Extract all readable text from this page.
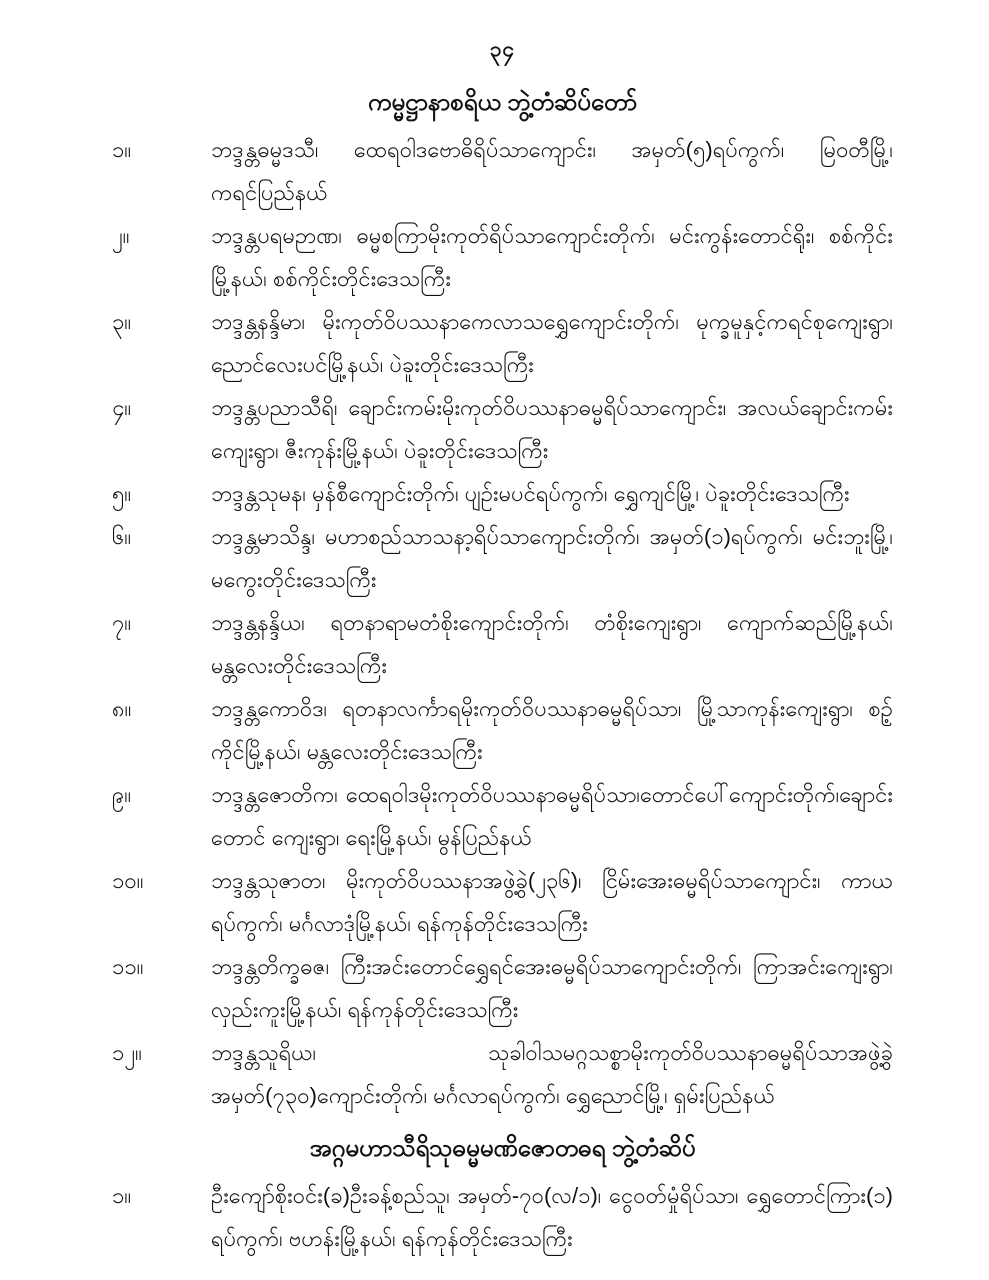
၃၄
ကမ္မဋ္ဌာနာစရိယ ဘွဲ့တံဆိပ်တော်
၁။	ဘဒ္ဒန္တဓမ္မဒသီ၊ ထေရဝါဒဗောဓိရိပ်သာကျောင်း၊ အမှတ်(၅)ရပ်ကွက်၊ မြဝတီမြို့၊ ကရင်ပြည်နယ်
၂။	ဘဒ္ဒန္တပရမဉာဏ၊ ဓမ္မစကြာမိုးကုတ်ရိပ်သာကျောင်းတိုက်၊ မင်းကွန်းတောင်ရိုး၊ စစ်ကိုင်းမြို့နယ်၊ စစ်ကိုင်းတိုင်းဒေသကြီး
၃။	ဘဒ္ဒန္တနန္ဒိမာ၊ မိုးကုတ်ဝိပဿနာကေလာသရွှေကျောင်းတိုက်၊ မုက္ခမူနှင့်ကရင်စုကျေးရွာ၊ ညောင်လေးပင်မြို့နယ်၊ ပဲခူးတိုင်းဒေသကြီး
၄။	ဘဒ္ဒန္တပညာသီရိ၊ ချောင်းကမ်းမိုးကုတ်ဝိပဿနာဓမ္မရိပ်သာကျောင်း၊ အလယ်ချောင်းကမ်းကျေးရွာ၊ ဇီးကုန်းမြို့နယ်၊ ပဲခူးတိုင်းဒေသကြီး
၅။	ဘဒ္ဒန္တသုမန၊ မှန်စီကျောင်းတိုက်၊ ပျဉ်းမပင်ရပ်ကွက်၊ ရွှေကျင်မြို့၊ ပဲခူးတိုင်းဒေသကြီး
၆။	ဘဒ္ဒန္တမာသိန္ဒ၊ မဟာစည်သာသနာ့ရိပ်သာကျောင်းတိုက်၊ အမှတ်(၁)ရပ်ကွက်၊ မင်းဘူးမြို့၊ မကွေးတိုင်းဒေသကြီး
၇။	ဘဒ္ဒန္တနန္ဒိယ၊ ရတနာရာမတံစိုးကျောင်းတိုက်၊ တံစိုးကျေးရွာ၊ ကျောက်ဆည်မြို့နယ်၊ မန္တလေးတိုင်းဒေသကြီး
၈။	ဘဒ္ဒန္တကောဝိဒ၊ ရတနာလင်္ကာရမိုးကုတ်ဝိပဿနာဓမ္မရိပ်သာ၊ မြို့သာကုန်းကျေးရွာ၊ စဉ့်ကိုင်မြို့နယ်၊ မန္တလေးတိုင်းဒေသကြီး
၉။	ဘဒ္ဒန္တဇောတိက၊ ထေရဝါဒမိုးကုတ်ဝိပဿနာဓမ္မရိပ်သာ၊တောင်ပေါ်ကျောင်းတိုက်၊ချောင်းတောင် ကျေးရွာ၊ ရေးမြို့နယ်၊ မွန်ပြည်နယ်
၁၀။	ဘဒ္ဒန္တသုဇာတ၊ မိုးကုတ်ဝိပဿနာအဖွဲ့ခွဲ(၂၃၆)၊ ငြိမ်းအေးဓမ္မရိပ်သာကျောင်း၊ ကာယရပ်ကွက်၊ မင်္ဂလာဒုံမြို့နယ်၊ ရန်ကုန်တိုင်းဒေသကြီး
၁၁။	ဘဒ္ဒန္တတိက္ခဓဇ၊ ကြီးအင်းတောင်ရွှေရင်အေးဓမ္မရိပ်သာကျောင်းတိုက်၊ ကြာအင်းကျေးရွာ၊ လှည်းကူးမြို့နယ်၊ ရန်ကုန်တိုင်းဒေသကြီး
၁၂။	ဘဒ္ဒန္တသူရိယ၊ သုခါဝါသမဂ္ဂသစ္စာမိုးကုတ်ဝိပဿနာဓမ္မရိပ်သာအဖွဲ့ခွဲအမှတ်(၇၃၀)ကျောင်းတိုက်၊ မင်္ဂလာရပ်ကွက်၊ ရွှေညောင်မြို့၊ ရှမ်းပြည်နယ်
အဂ္ဂမဟာသီရိသုဓမ္မမဏိဇောတဓရ ဘွဲ့တံဆိပ်
၁။	ဦးကျော်စိုးဝင်း(ခ)ဦးခန့်စည်သူ၊ အမှတ်-၇၀(လ/၁)၊ ငွေဝတ်မှုံရိပ်သာ၊ ရွှေတောင်ကြား(၁) ရပ်ကွက်၊ ဗဟန်းမြို့နယ်၊ ရန်ကုန်တိုင်းဒေသကြီး
